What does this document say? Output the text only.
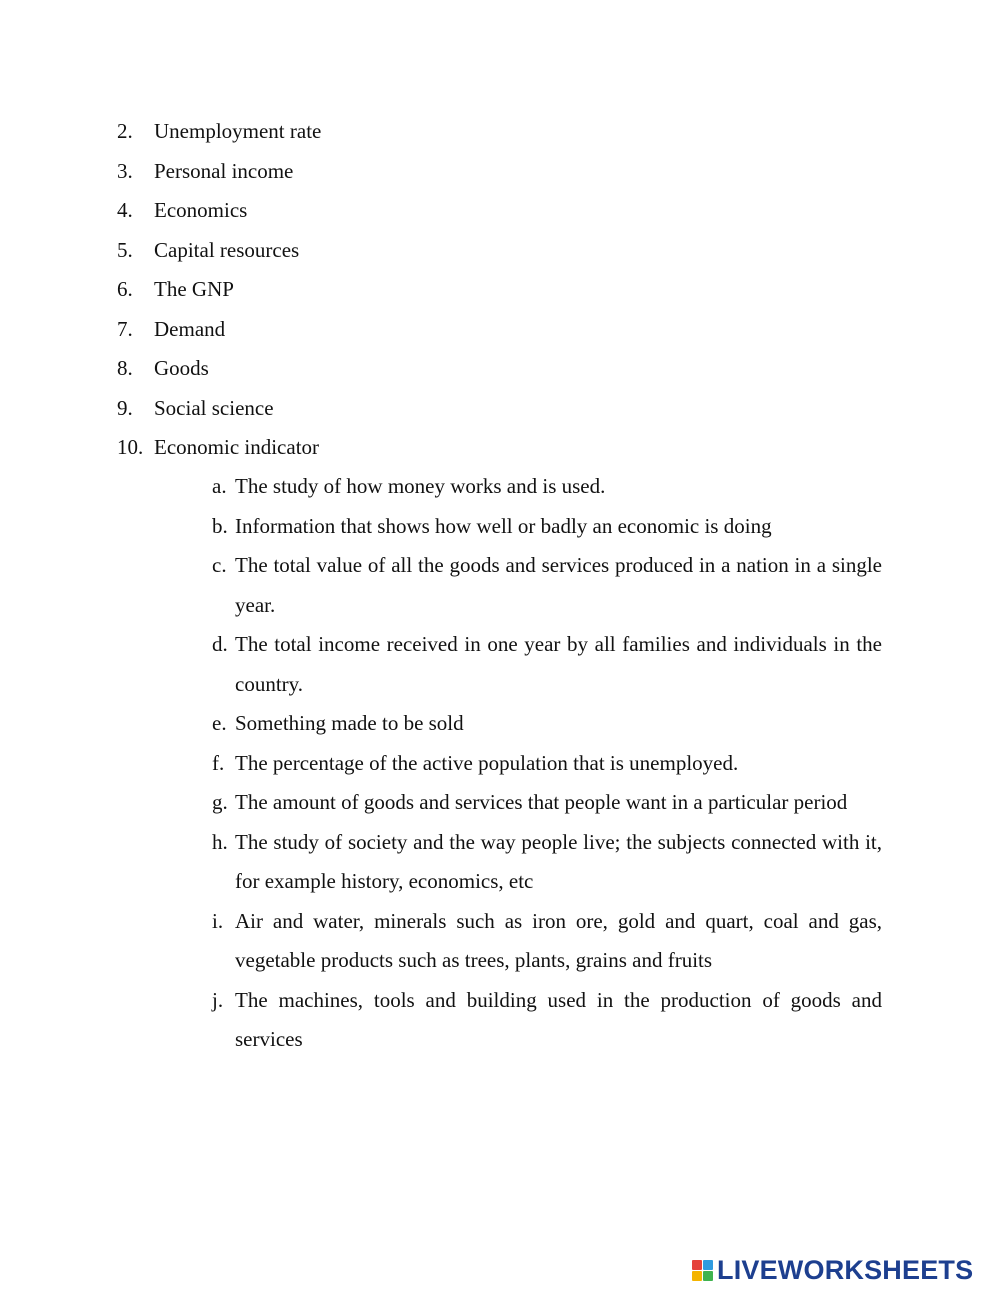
2.	Unemployment rate
3.	Personal income
4.	Economics
5.	Capital resources
6.	The GNP
7.	Demand
8.	Goods
9.	Social science
10. Economic indicator
a. The study of how money works and is used.
b. Information that shows how well or badly an economic is doing
c. The total value of all the goods and services produced in a nation in a single year.
d. The total income received in one year by all families and individuals in the country.
e. Something made to be sold
f. The percentage of the active population that is unemployed.
g. The amount of goods and services that people want in a particular period
h. The study of society and the way people live; the subjects connected with it, for example history, economics, etc
i. Air and water, minerals such as iron ore, gold and quart, coal and gas, vegetable products such as trees, plants, grains and fruits
j. The machines, tools and building used in the production of goods and services
LIVEWORKSHEETS
